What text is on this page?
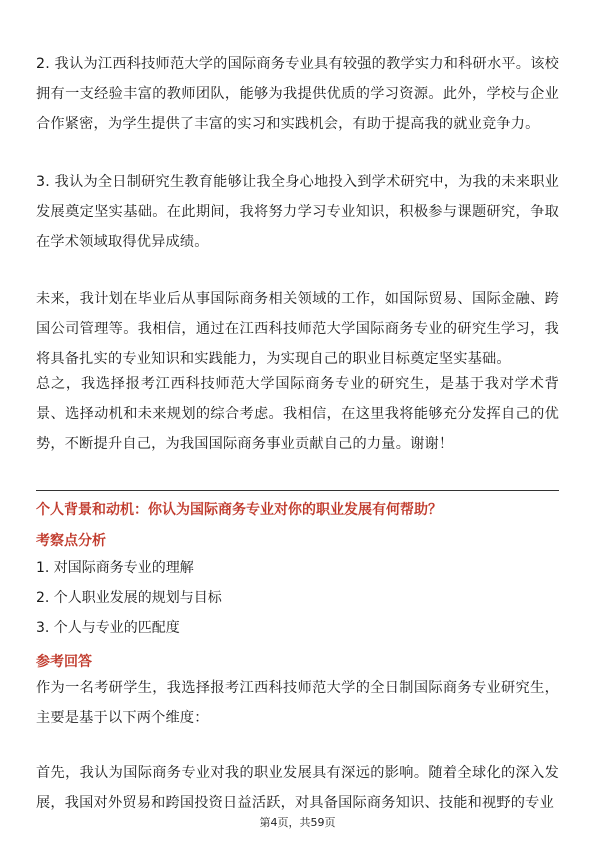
2. 我认为江西科技师范大学的国际商务专业具有较强的教学实力和科研水平。该校拥有一支经验丰富的教师团队，能够为我提供优质的学习资源。此外，学校与企业合作紧密，为学生提供了丰富的实习和实践机会，有助于提高我的就业竞争力。

3. 我认为全日制研究生教育能够让我全身心地投入到学术研究中，为我的未来职业发展奠定坚实基础。在此期间，我将努力学习专业知识，积极参与课题研究，争取在学术领域取得优异成绩。

未来，我计划在毕业后从事国际商务相关领域的工作，如国际贸易、国际金融、跨国公司管理等。我相信，通过在江西科技师范大学国际商务专业的研究生学习，我将具备扎实的专业知识和实践能力，为实现自己的职业目标奠定坚实基础。

总之，我选择报考江西科技师范大学国际商务专业的研究生，是基于我对学术背景、选择动机和未来规划的综合考虑。我相信，在这里我将能够充分发挥自己的优势，不断提升自己，为我国国际商务事业贡献自己的力量。谢谢！

个人背景和动机：你认为国际商务专业对你的职业发展有何帮助？

考察点分析

1. 对国际商务专业的理解
2. 个人职业发展的规划与目标
3. 个人与专业的匹配度

参考回答

作为一名考研学生，我选择报考江西科技师范大学的全日制国际商务专业研究生，主要是基于以下两个维度：

首先，我认为国际商务专业对我的职业发展具有深远的影响。随着全球化的深入发展，我国对外贸易和跨国投资日益活跃，对具备国际商务知识、技能和视野的专业

第4页，共59页
